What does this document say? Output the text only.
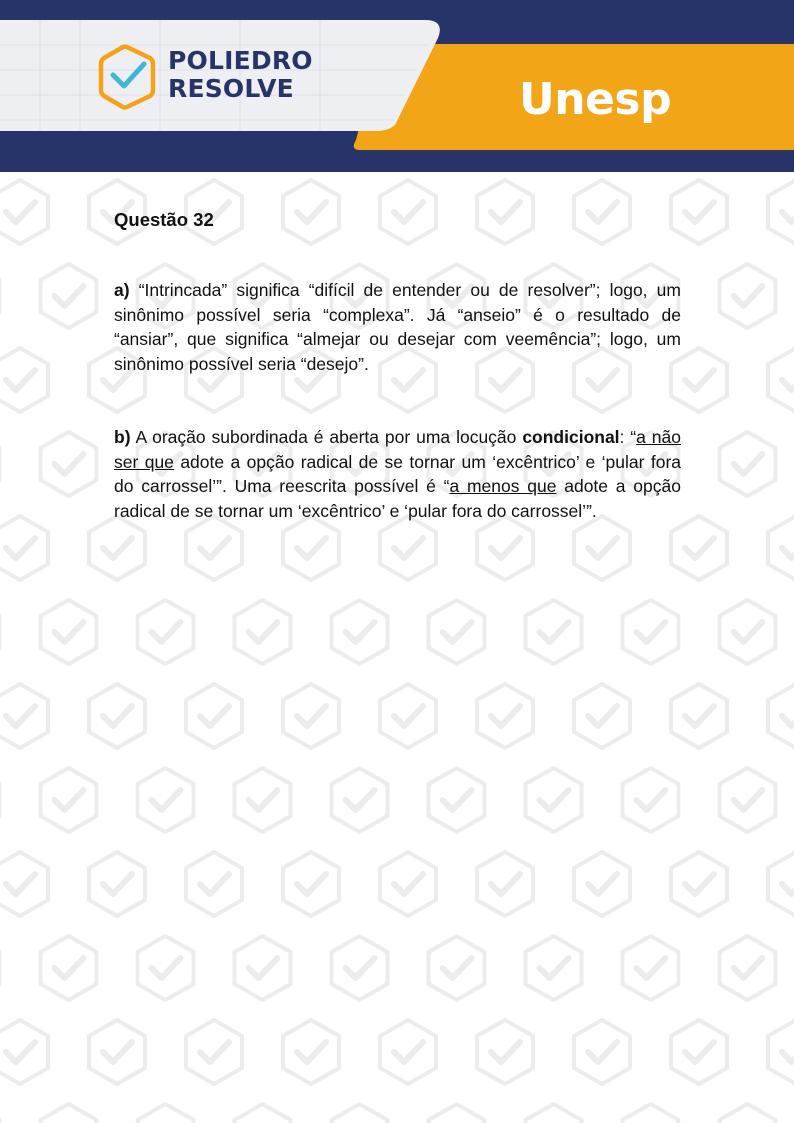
POLIEDRO
RESOLVE	Unesp
Questão 32

a) “Intrincada” significa “difícil de entender ou de resolver”; logo, um sinônimo possível seria “complexa”. Já “anseio” é o resultado de “ansiar”, que significa “almejar ou desejar com veemência”; logo, um sinônimo possível seria “desejo”.

b) A oração subordinada é aberta por uma locução condicional: “a não ser que adote a opção radical de se tornar um ‘excêntrico’ e ‘pular fora do carrossel’”. Uma reescrita possível é “a menos que adote a opção radical de se tornar um ‘excêntrico’ e ‘pular fora do carrossel’”.
